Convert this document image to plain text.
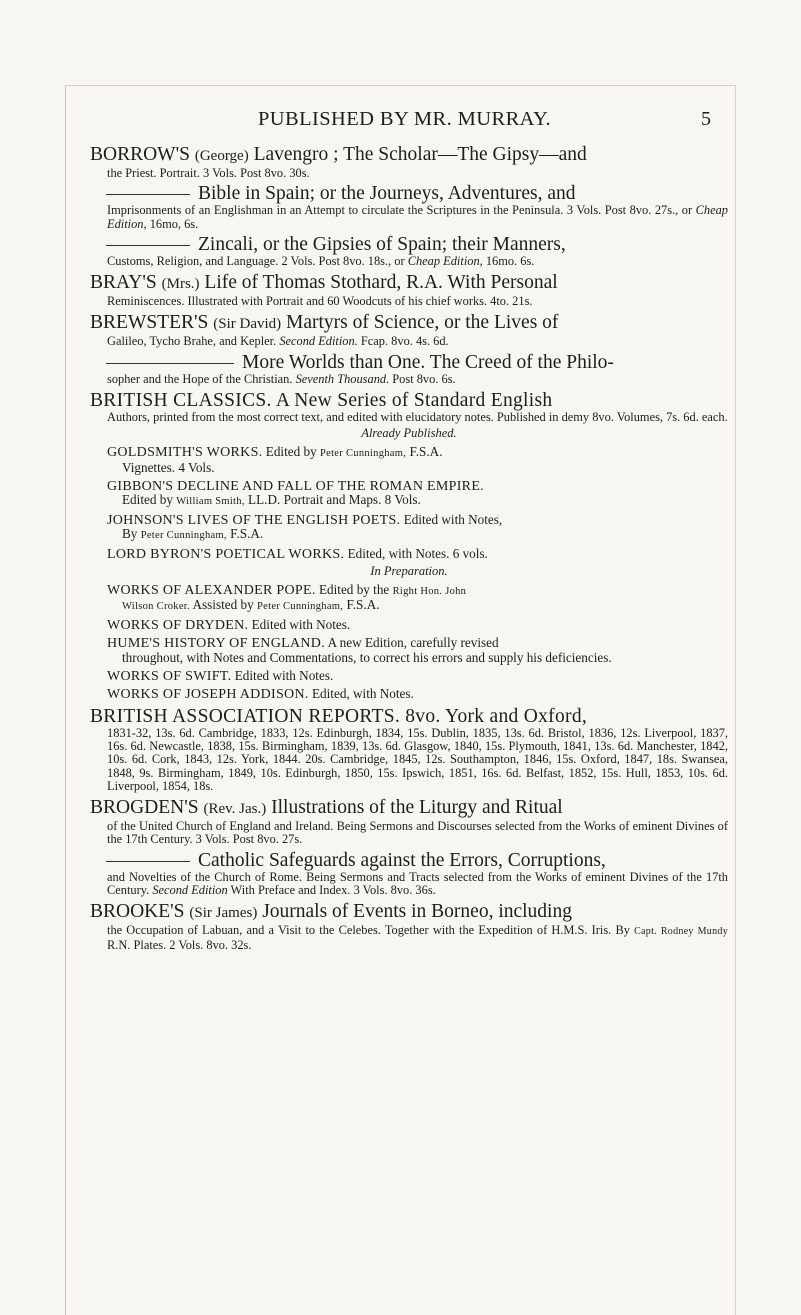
PUBLISHED BY MR. MURRAY.	5

BORROW'S (George) Lavengro ; The Scholar—The Gipsy—and

the Priest. Portrait. 3 Vols. Post 8vo. 30s.

Bible in Spain; or the Journeys, Adventures, and

Imprisonments of an Englishman in an Attempt to circulate the Scriptures in the Peninsula. 3 Vols. Post 8vo. 27s., or Cheap Edition, 16mo, 6s.

Zincali, or the Gipsies of Spain; their Manners,

Customs, Religion, and Language. 2 Vols. Post 8vo. 18s., or Cheap Edition, 16mo. 6s.

BRAY'S (Mrs.) Life of Thomas Stothard, R.A. With Personal

Reminiscences. Illustrated with Portrait and 60 Woodcuts of his chief works. 4to. 21s.

BREWSTER'S (Sir David) Martyrs of Science, or the Lives of

Galileo, Tycho Brahe, and Kepler. Second Edition. Fcap. 8vo. 4s. 6d.

More Worlds than One. The Creed of the Philo-

sopher and the Hope of the Christian. Seventh Thousand. Post 8vo. 6s.

BRITISH CLASSICS. A New Series of Standard English

Authors, printed from the most correct text, and edited with elucidatory notes. Published in demy 8vo. Volumes, 7s. 6d. each.

Already Published.

GOLDSMITH'S WORKS. Edited by Peter Cunningham, F.S.A.
Vignettes. 4 Vols.

GIBBON'S DECLINE AND FALL OF THE ROMAN EMPIRE.
Edited by William Smith, LL.D. Portrait and Maps. 8 Vols.

JOHNSON'S LIVES OF THE ENGLISH POETS. Edited with Notes,
By Peter Cunningham, F.S.A.

LORD BYRON'S POETICAL WORKS. Edited, with Notes. 6 vols.

In Preparation.

WORKS OF ALEXANDER POPE. Edited by the Right Hon. John
Wilson Croker. Assisted by Peter Cunningham, F.S.A.

WORKS OF DRYDEN. Edited with Notes.

HUME'S HISTORY OF ENGLAND. A new Edition, carefully revised
throughout, with Notes and Commentations, to correct his errors and supply his deficiencies.

WORKS OF SWIFT. Edited with Notes.

WORKS OF JOSEPH ADDISON. Edited, with Notes.

BRITISH ASSOCIATION REPORTS. 8vo. York and Oxford,

1831-32, 13s. 6d. Cambridge, 1833, 12s. Edinburgh, 1834, 15s. Dublin, 1835, 13s. 6d. Bristol, 1836, 12s. Liverpool, 1837, 16s. 6d. Newcastle, 1838, 15s. Birmingham, 1839, 13s. 6d. Glasgow, 1840, 15s. Plymouth, 1841, 13s. 6d. Manchester, 1842, 10s. 6d. Cork, 1843, 12s. York, 1844. 20s. Cambridge, 1845, 12s. Southampton, 1846, 15s. Oxford, 1847, 18s. Swansea, 1848, 9s. Birmingham, 1849, 10s. Edinburgh, 1850, 15s. Ipswich, 1851, 16s. 6d. Belfast, 1852, 15s. Hull, 1853, 10s. 6d. Liverpool, 1854, 18s.

BROGDEN'S (Rev. Jas.) Illustrations of the Liturgy and Ritual

of the United Church of England and Ireland. Being Sermons and Discourses selected from the Works of eminent Divines of the 17th Century. 3 Vols. Post 8vo. 27s.

Catholic Safeguards against the Errors, Corruptions,

and Novelties of the Church of Rome. Being Sermons and Tracts selected from the Works of eminent Divines of the 17th Century. Second Edition With Preface and Index. 3 Vols. 8vo. 36s.

BROOKE'S (Sir James) Journals of Events in Borneo, including

the Occupation of Labuan, and a Visit to the Celebes. Together with the Expedition of H.M.S. Iris. By Capt. Rodney Mundy R.N. Plates. 2 Vols. 8vo. 32s.
